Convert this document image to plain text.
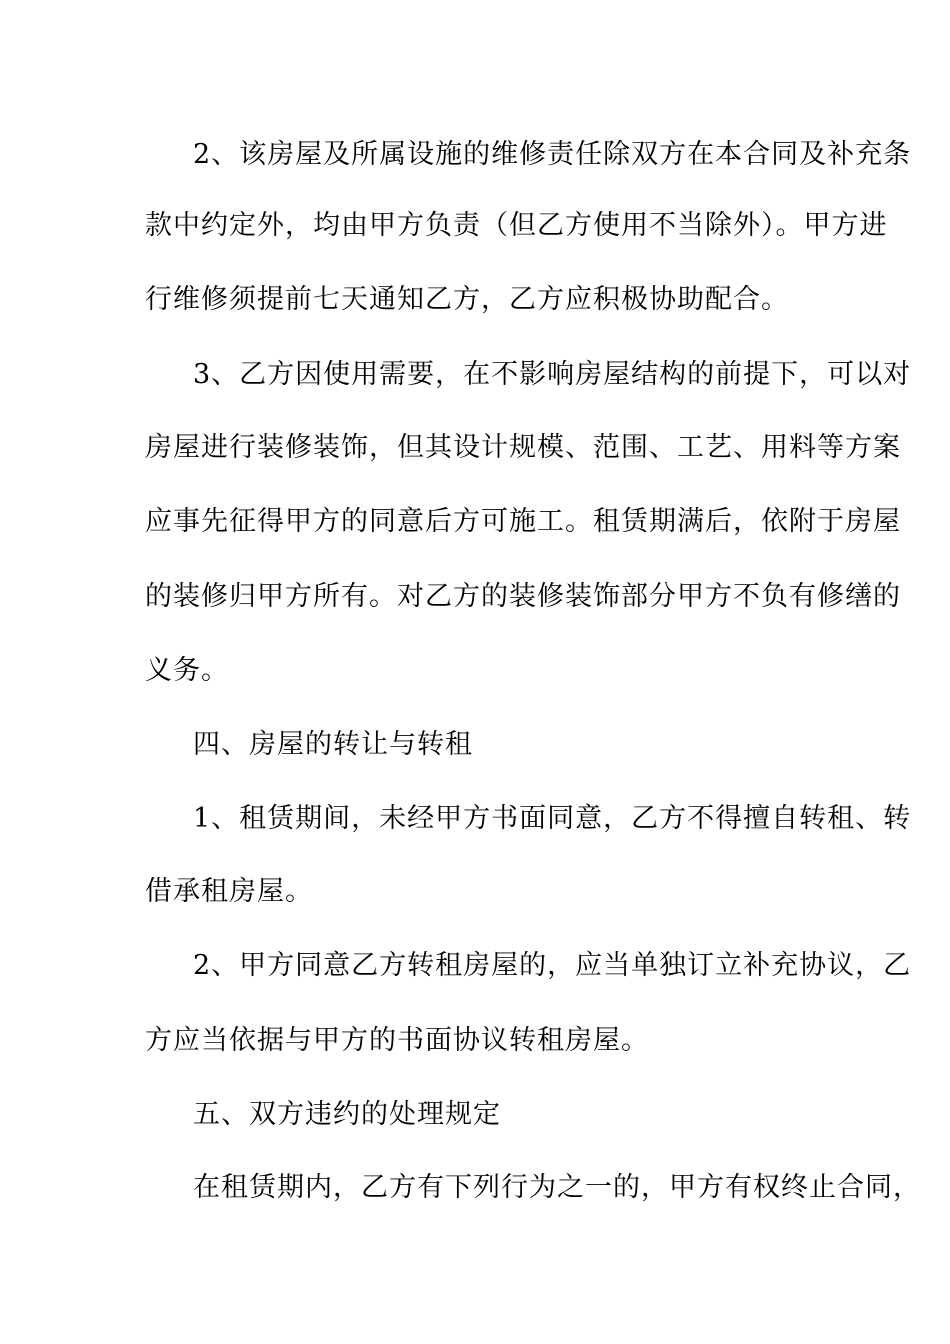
2、该房屋及所属设施的维修责任除双方在本合同及补充条
款中约定外，均由甲方负责（但乙方使用不当除外）。甲方进
行维修须提前七天通知乙方，乙方应积极协助配合。
3、乙方因使用需要，在不影响房屋结构的前提下，可以对
房屋进行装修装饰，但其设计规模、范围、工艺、用料等方案
应事先征得甲方的同意后方可施工。租赁期满后，依附于房屋
的装修归甲方所有。对乙方的装修装饰部分甲方不负有修缮的
义务。
四、房屋的转让与转租
1、租赁期间，未经甲方书面同意，乙方不得擅自转租、转
借承租房屋。
2、甲方同意乙方转租房屋的，应当单独订立补充协议，乙
方应当依据与甲方的书面协议转租房屋。
五、双方违约的处理规定
在租赁期内，乙方有下列行为之一的，甲方有权终止合同，
